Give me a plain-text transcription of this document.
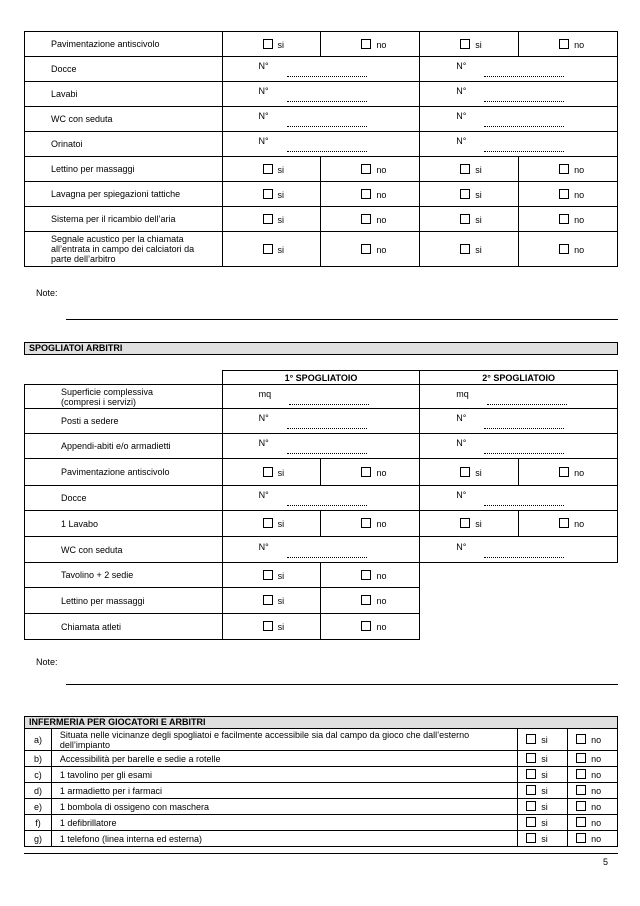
Pavimentazione antiscivolo	si	no	si	no
Docce	N°		N°	
Lavabi	N°		N°	
WC con seduta	N°		N°	
Orinatoi	N°		N°	
Lettino per massaggi	si	no	si	no
Lavagna per spiegazioni tattiche	si	no	si	no
Sistema per il ricambio dell’aria	si	no	si	no
Segnale acustico per la chiamata all’entrata in campo dei calciatori da parte dell’arbitro	si	no	si	no
Note:
SPOGLIATOI ARBITRI
	1° SPOGLIATOIO		2° SPOGLIATOIO	
Superficie complessiva (compresi i servizi)	mq		mq	
Posti a sedere	N°		N°	
Appendi-abiti e/o armadietti	N°		N°	
Pavimentazione antiscivolo	si	no	si	no
Docce	N°		N°	
1 Lavabo	si	no	si	no
WC con seduta	N°		N°	
Tavolino + 2 sedie	si	no		
Lettino per massaggi	si	no		
Chiamata atleti	si	no		
Note:
INFERMERIA PER GIOCATORI E ARBITRI
a)	Situata nelle vicinanze degli spogliatoi e facilmente accessibile sia dal campo da gioco che dall’esterno dell’impianto	si	no
b)	Accessibilità per barelle e sedie a rotelle	si	no
c)	1 tavolino per gli esami	si	no
d)	1 armadietto per i farmaci	si	no
e)	1 bombola di ossigeno con maschera	si	no
f)	1 defibrillatore	si	no
g)	1 telefono (linea interna ed esterna)	si	no
5
